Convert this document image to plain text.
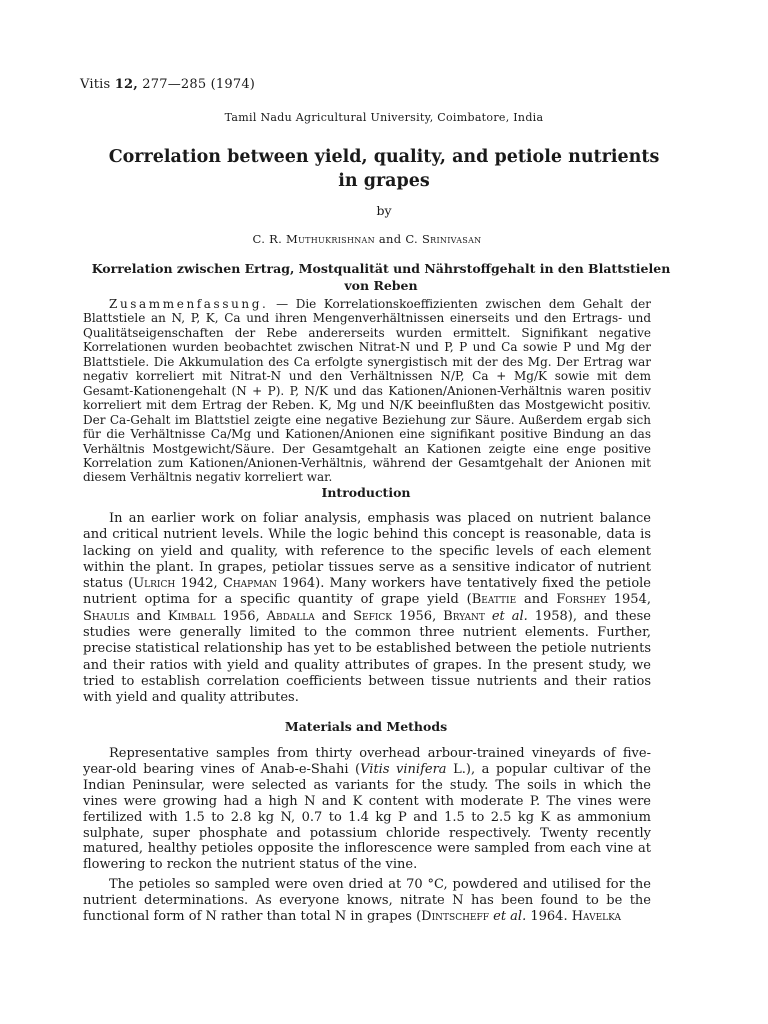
Vitis 12, 277—285 (1974)
Tamil Nadu Agricultural University, Coimbatore, India
Correlation between yield, quality, and petiole nutrients
in grapes
by
C. R. Muthukrishnan and C. Srinivasan
Korrelation zwischen Ertrag, Mostqualität und Nährstoffgehalt in den Blattstielen
von Reben
Zusammenfassung. — Die Korrelationskoeffizienten zwischen dem Gehalt der Blattstiele an N, P, K, Ca und ihren Mengenverhältnissen einerseits und den Ertrags- und Qualitätseigenschaften der Rebe andererseits wurden ermittelt. Signifikant negative Korrelationen wurden beobachtet zwischen Nitrat-N und P, P und Ca sowie P und Mg der Blattstiele. Die Akkumulation des Ca erfolgte synergistisch mit der des Mg. Der Ertrag war negativ korreliert mit Nitrat-N und den Verhältnissen N/P, Ca + Mg/K sowie mit dem Gesamt-Kationengehalt (N + P). P, N/K und das Kationen/Anionen-Verhältnis waren positiv korreliert mit dem Ertrag der Reben. K, Mg und N/K beeinflußten das Mostgewicht positiv. Der Ca-Gehalt im Blattstiel zeigte eine negative Beziehung zur Säure. Außerdem ergab sich für die Verhältnisse Ca/Mg und Kationen/Anionen eine signifikant positive Bindung an das Verhältnis Mostgewicht/Säure. Der Gesamtgehalt an Kationen zeigte eine enge positive Korrelation zum Kationen/Anionen-Verhältnis, während der Gesamtgehalt der Anionen mit diesem Verhältnis negativ korreliert war.
Introduction

In an earlier work on foliar analysis, emphasis was placed on nutrient balance and critical nutrient levels. While the logic behind this concept is reasonable, data is lacking on yield and quality, with reference to the specific levels of each element within the plant. In grapes, petiolar tissues serve as a sensitive indicator of nutrient status (Ulrich 1942, Chapman 1964). Many workers have tentatively fixed the petiole nutrient optima for a specific quantity of grape yield (Beattie and Forshey 1954, Shaulis and Kimball 1956, Abdalla and Sefick 1956, Bryant et al. 1958), and these studies were generally limited to the common three nutrient elements. Further, precise statistical relationship has yet to be established between the petiole nutrients and their ratios with yield and quality attributes of grapes. In the present study, we tried to establish correlation coefficients between tissue nutrients and their ratios with yield and quality attributes.

Materials and Methods

Representative samples from thirty overhead arbour-trained vineyards of five-year-old bearing vines of Anab-e-Shahi (Vitis vinifera L.), a popular cultivar of the Indian Peninsular, were selected as variants for the study. The soils in which the vines were growing had a high N and K content with moderate P. The vines were fertilized with 1.5 to 2.8 kg N, 0.7 to 1.4 kg P and 1.5 to 2.5 kg K as ammonium sulphate, super phosphate and potassium chloride respectively. Twenty recently matured, healthy petioles opposite the inflorescence were sampled from each vine at flowering to reckon the nutrient status of the vine.

The petioles so sampled were oven dried at 70 °C, powdered and utilised for the nutrient determinations. As everyone knows, nitrate N has been found to be the functional form of N rather than total N in grapes (Dintscheff et al. 1964. Havelka
